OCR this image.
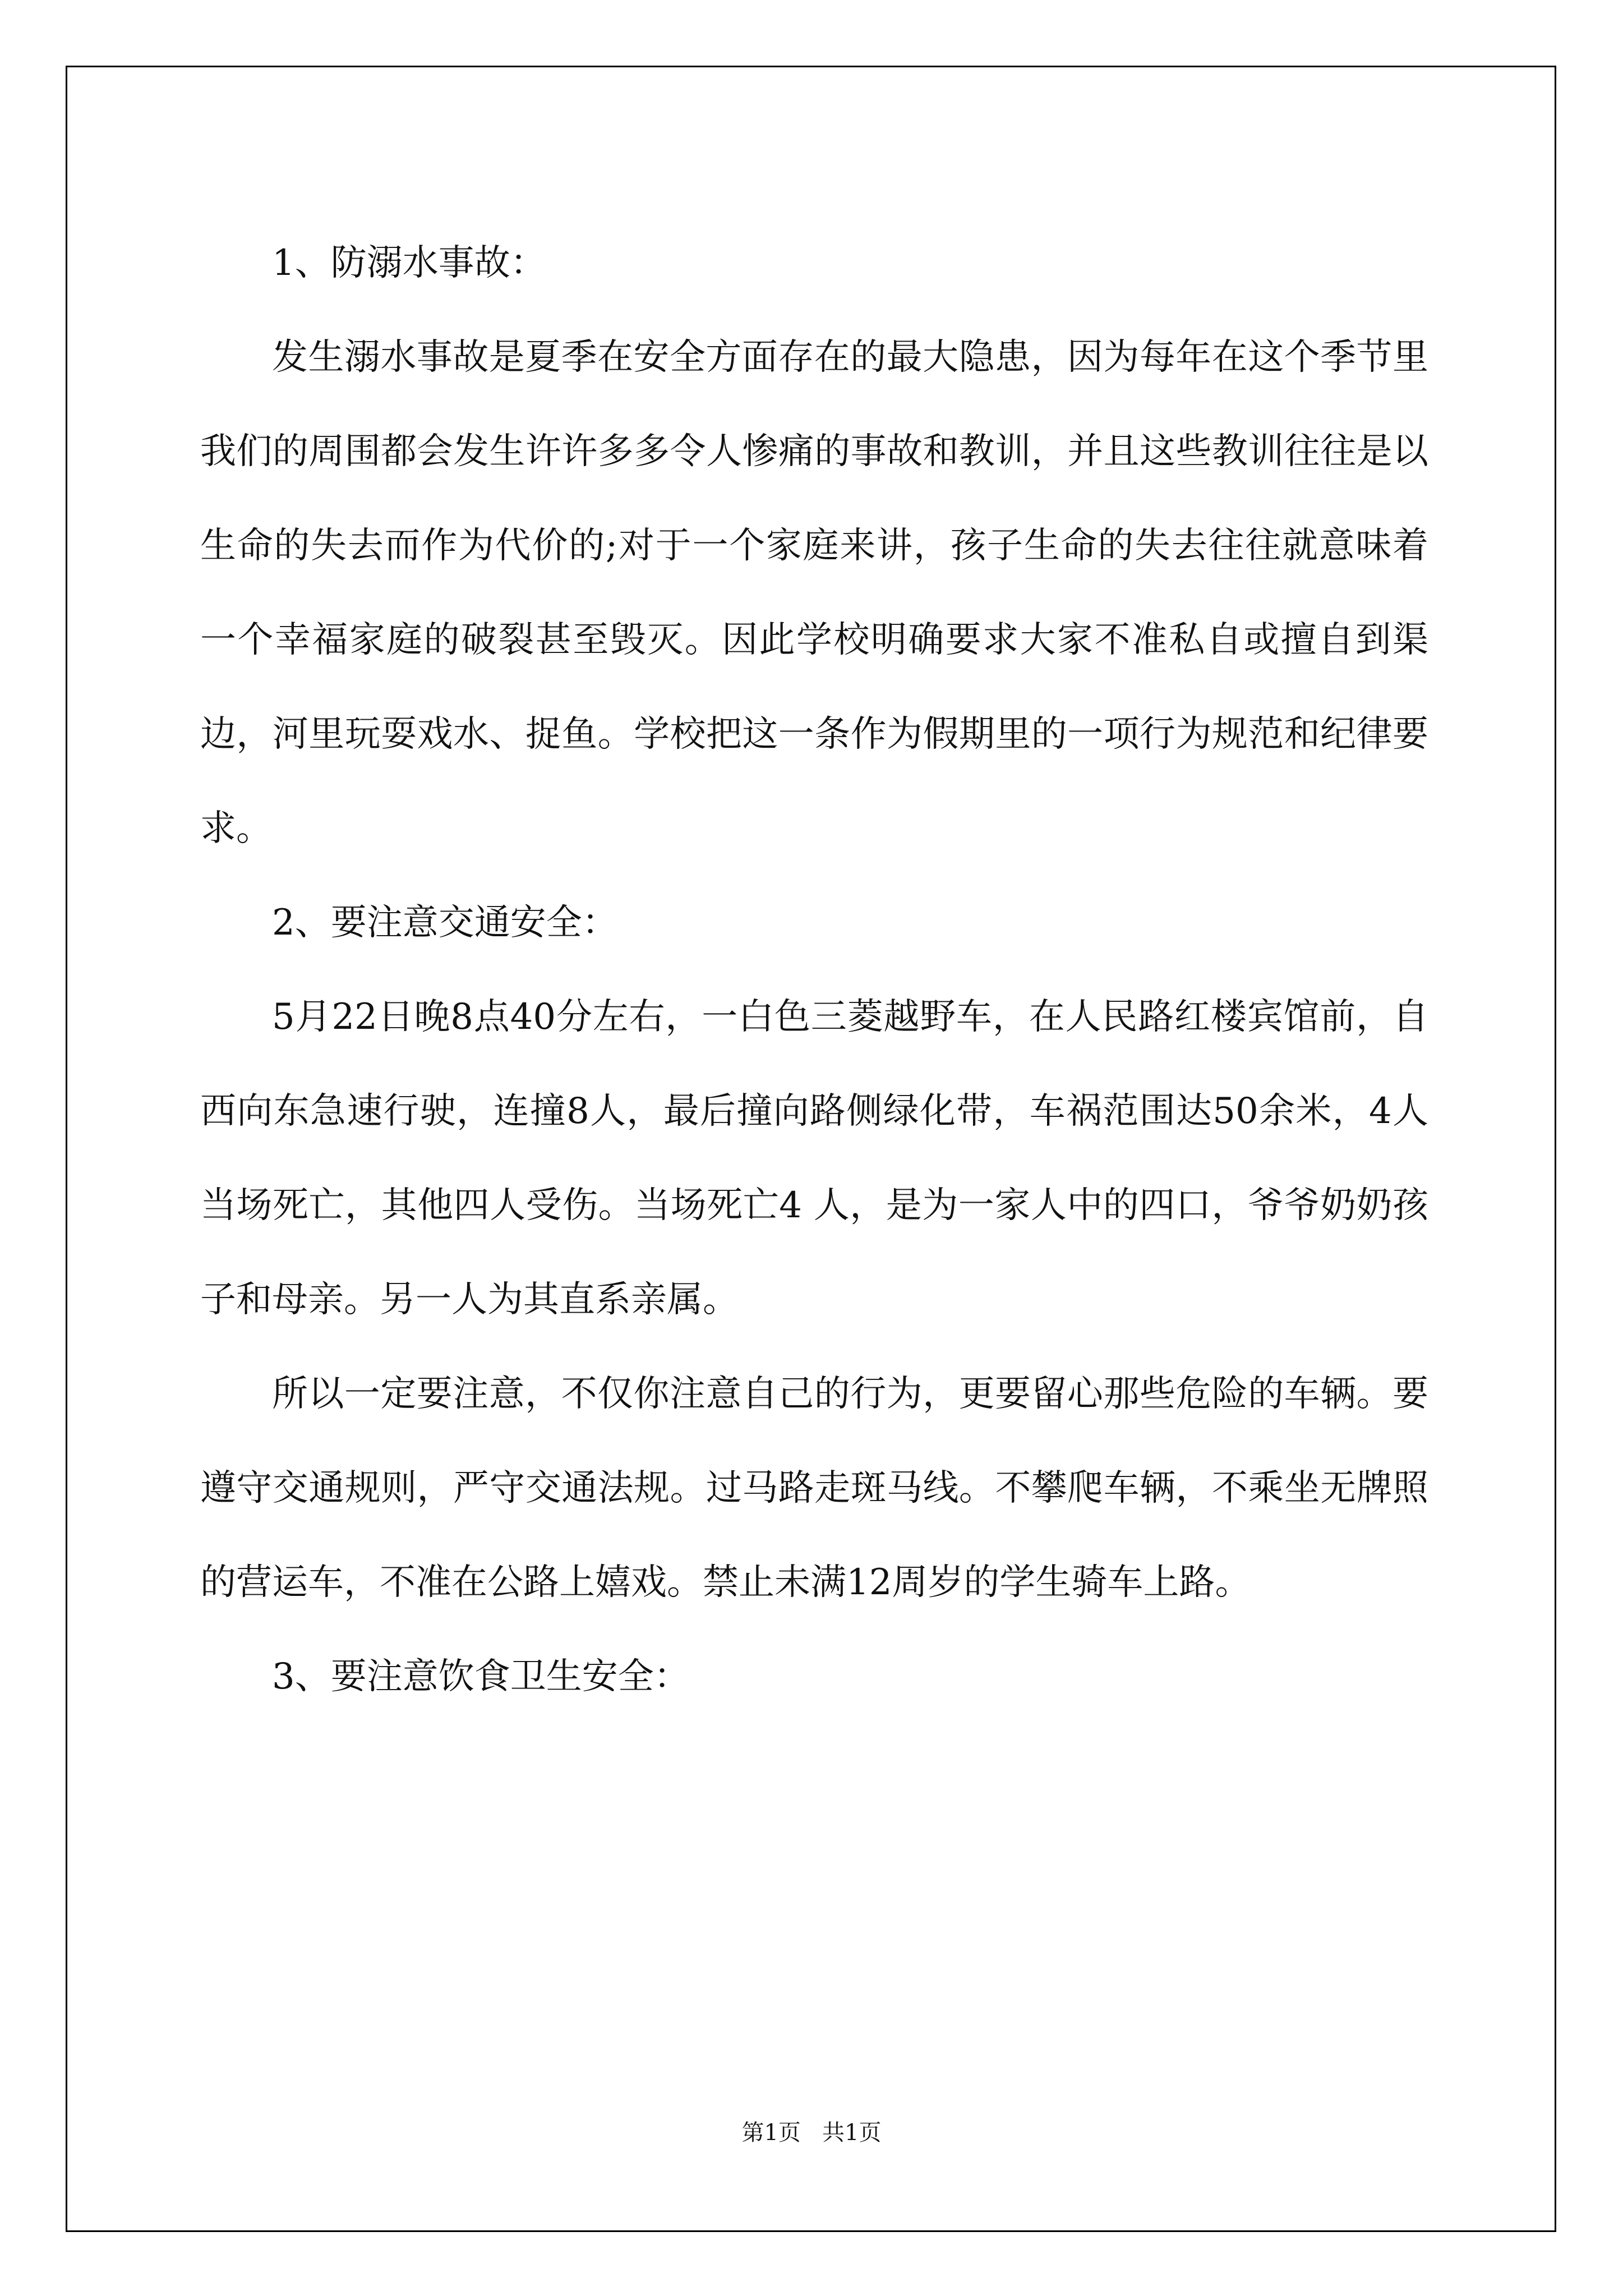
1、防溺水事故：

发生溺水事故是夏季在安全方面存在的最大隐患，因为每年在这个季节里我们的周围都会发生许许多多令人惨痛的事故和教训，并且这些教训往往是以生命的失去而作为代价的;对于一个家庭来讲，孩子生命的失去往往就意味着一个幸福家庭的破裂甚至毁灭。因此学校明确要求大家不准私自或擅自到渠边，河里玩耍戏水、捉鱼。学校把这一条作为假期里的一项行为规范和纪律要求。

2、要注意交通安全：

5月22日晚8点40分左右，一白色三菱越野车，在人民路红楼宾馆前，自西向东急速行驶，连撞8人，最后撞向路侧绿化带，车祸范围达50余米，4人当场死亡，其他四人受伤。当场死亡4 人，是为一家人中的四口，爷爷奶奶孩子和母亲。另一人为其直系亲属。

所以一定要注意，不仅你注意自己的行为，更要留心那些危险的车辆。要遵守交通规则，严守交通法规。过马路走斑马线。不攀爬车辆，不乘坐无牌照的营运车，不准在公路上嬉戏。禁止未满12周岁的学生骑车上路。

3、要注意饮食卫生安全：

第1页   共1页
